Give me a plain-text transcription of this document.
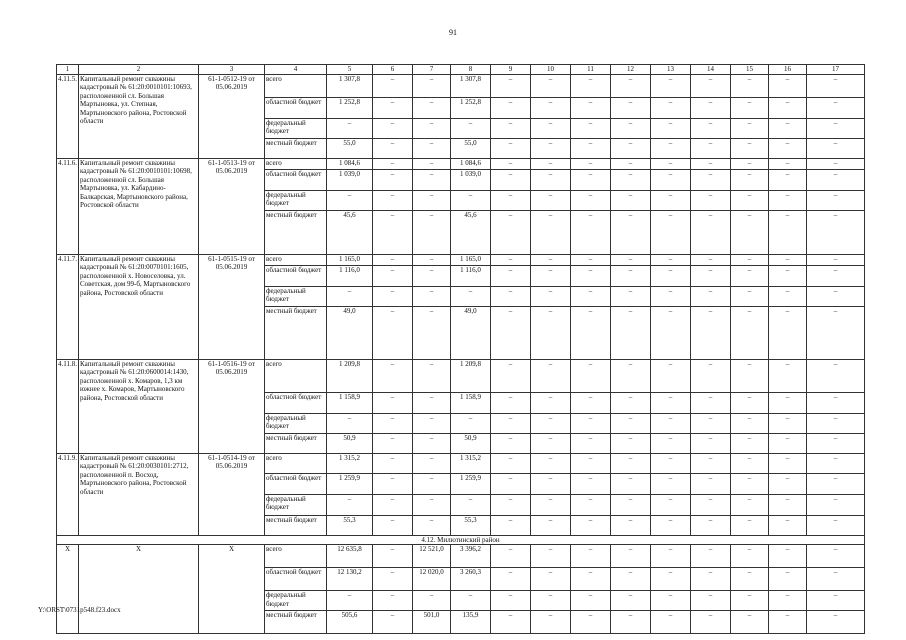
91
1	2	3	4	5	6	7	8	9	10	11	12	13	14	15	16	17
4.11.5.	Капитальный ремонт скважины кадастровый № 61:20:0010101:10693, расположенной сл. Большая Мартыновка, ул. Степная, Мартыновского района, Ростовской области	61-1-0512-19 от 05.06.2019	всего	1 307,8	–	–	1 307,8	–	–	–	–	–	–	–	–	–
			областной бюджет	1 252,8	–	–	1 252,8	–	–	–	–	–	–	–	–	–
			федеральный бюджет	–	–	–	–	–	–	–	–	–	–	–	–	–
			местный бюджет	55,0	–	–	55,0	–	–	–	–	–	–	–	–	–
4.11.6.	Капитальный ремонт скважины кадастровый № 61:20:0010101:10698, расположенной сл. Большая Мартыновка, ул. Кабардино-Балкарская, Мартыновского района, Ростовской области	61-1-0513-19 от 05.06.2019	всего	1 084,6	–	–	1 084,6	–	–	–	–	–	–	–	–	–
			областной бюджет	1 039,0	–	–	1 039,0	–	–	–	–	–	–	–	–	–
			федеральный бюджет	–	–	–	–	–	–	–	–	–	–	–	–	–
			местный бюджет	45,6	–	–	45,6	–	–	–	–	–	–	–	–	–
4.11.7.	Капитальный ремонт скважины кадастровый № 61:20:0070101:1605, расположенной х. Новоселовка, ул. Советская, дом 99-б, Мартыновского района, Ростовской области	61-1-0515-19 от 05.06.2019	всего	1 165,0	–	–	1 165,0	–	–	–	–	–	–	–	–	–
			областной бюджет	1 116,0	–	–	1 116,0	–	–	–	–	–	–	–	–	–
			федеральный бюджет	–	–	–	–	–	–	–	–	–	–	–	–	–
			местный бюджет	49,0	–	–	49,0	–	–	–	–	–	–	–	–	–
4.11.8.	Капитальный ремонт скважины кадастровый № 61:20:0600014:1430, расположенной х. Комаров, 1,3 км южнее х. Комаров, Мартыновского района, Ростовской области	61-1-0516-19 от 05.06.2019	всего	1 209,8	–	–	1 209,8	–	–	–	–	–	–	–	–	–
			областной бюджет	1 158,9	–	–	1 158,9	–	–	–	–	–	–	–	–	–
			федеральный бюджет	–	–	–	–	–	–	–	–	–	–	–	–	–
			местный бюджет	50,9	–	–	50,9	–	–	–	–	–	–	–	–	–
4.11.9.	Капитальный ремонт скважины кадастровый № 61:20:0030101:2712, расположенной п. Восход, Мартыновского района, Ростовской области	61-1-0514-19 от 05.06.2019	всего	1 315,2	–	–	1 315,2	–	–	–	–	–	–	–	–	–
			областной бюджет	1 259,9	–	–	1 259,9	–	–	–	–	–	–	–	–	–
			федеральный бюджет	–	–	–	–	–	–	–	–	–	–	–	–	–
			местный бюджет	55,3	–	–	55,3	–	–	–	–	–	–	–	–	–
4.12. Милютинский район																
Х	Х	Х	всего	12 635,8	–	12 521,0	3 396,2	–	–	–	–	–	–	–	–	–
			областной бюджет	12 130,2	–	12 020,0	3 260,3	–	–	–	–	–	–	–	–	–
			федеральный бюджет	–	–	–	–	–	–	–	–	–	–	–	–	–
			местный бюджет	505,6	–	501,0	135,9	–	–	–	–	–	–	–	–	–
Y:\ORST\0731p548.f23.docx
